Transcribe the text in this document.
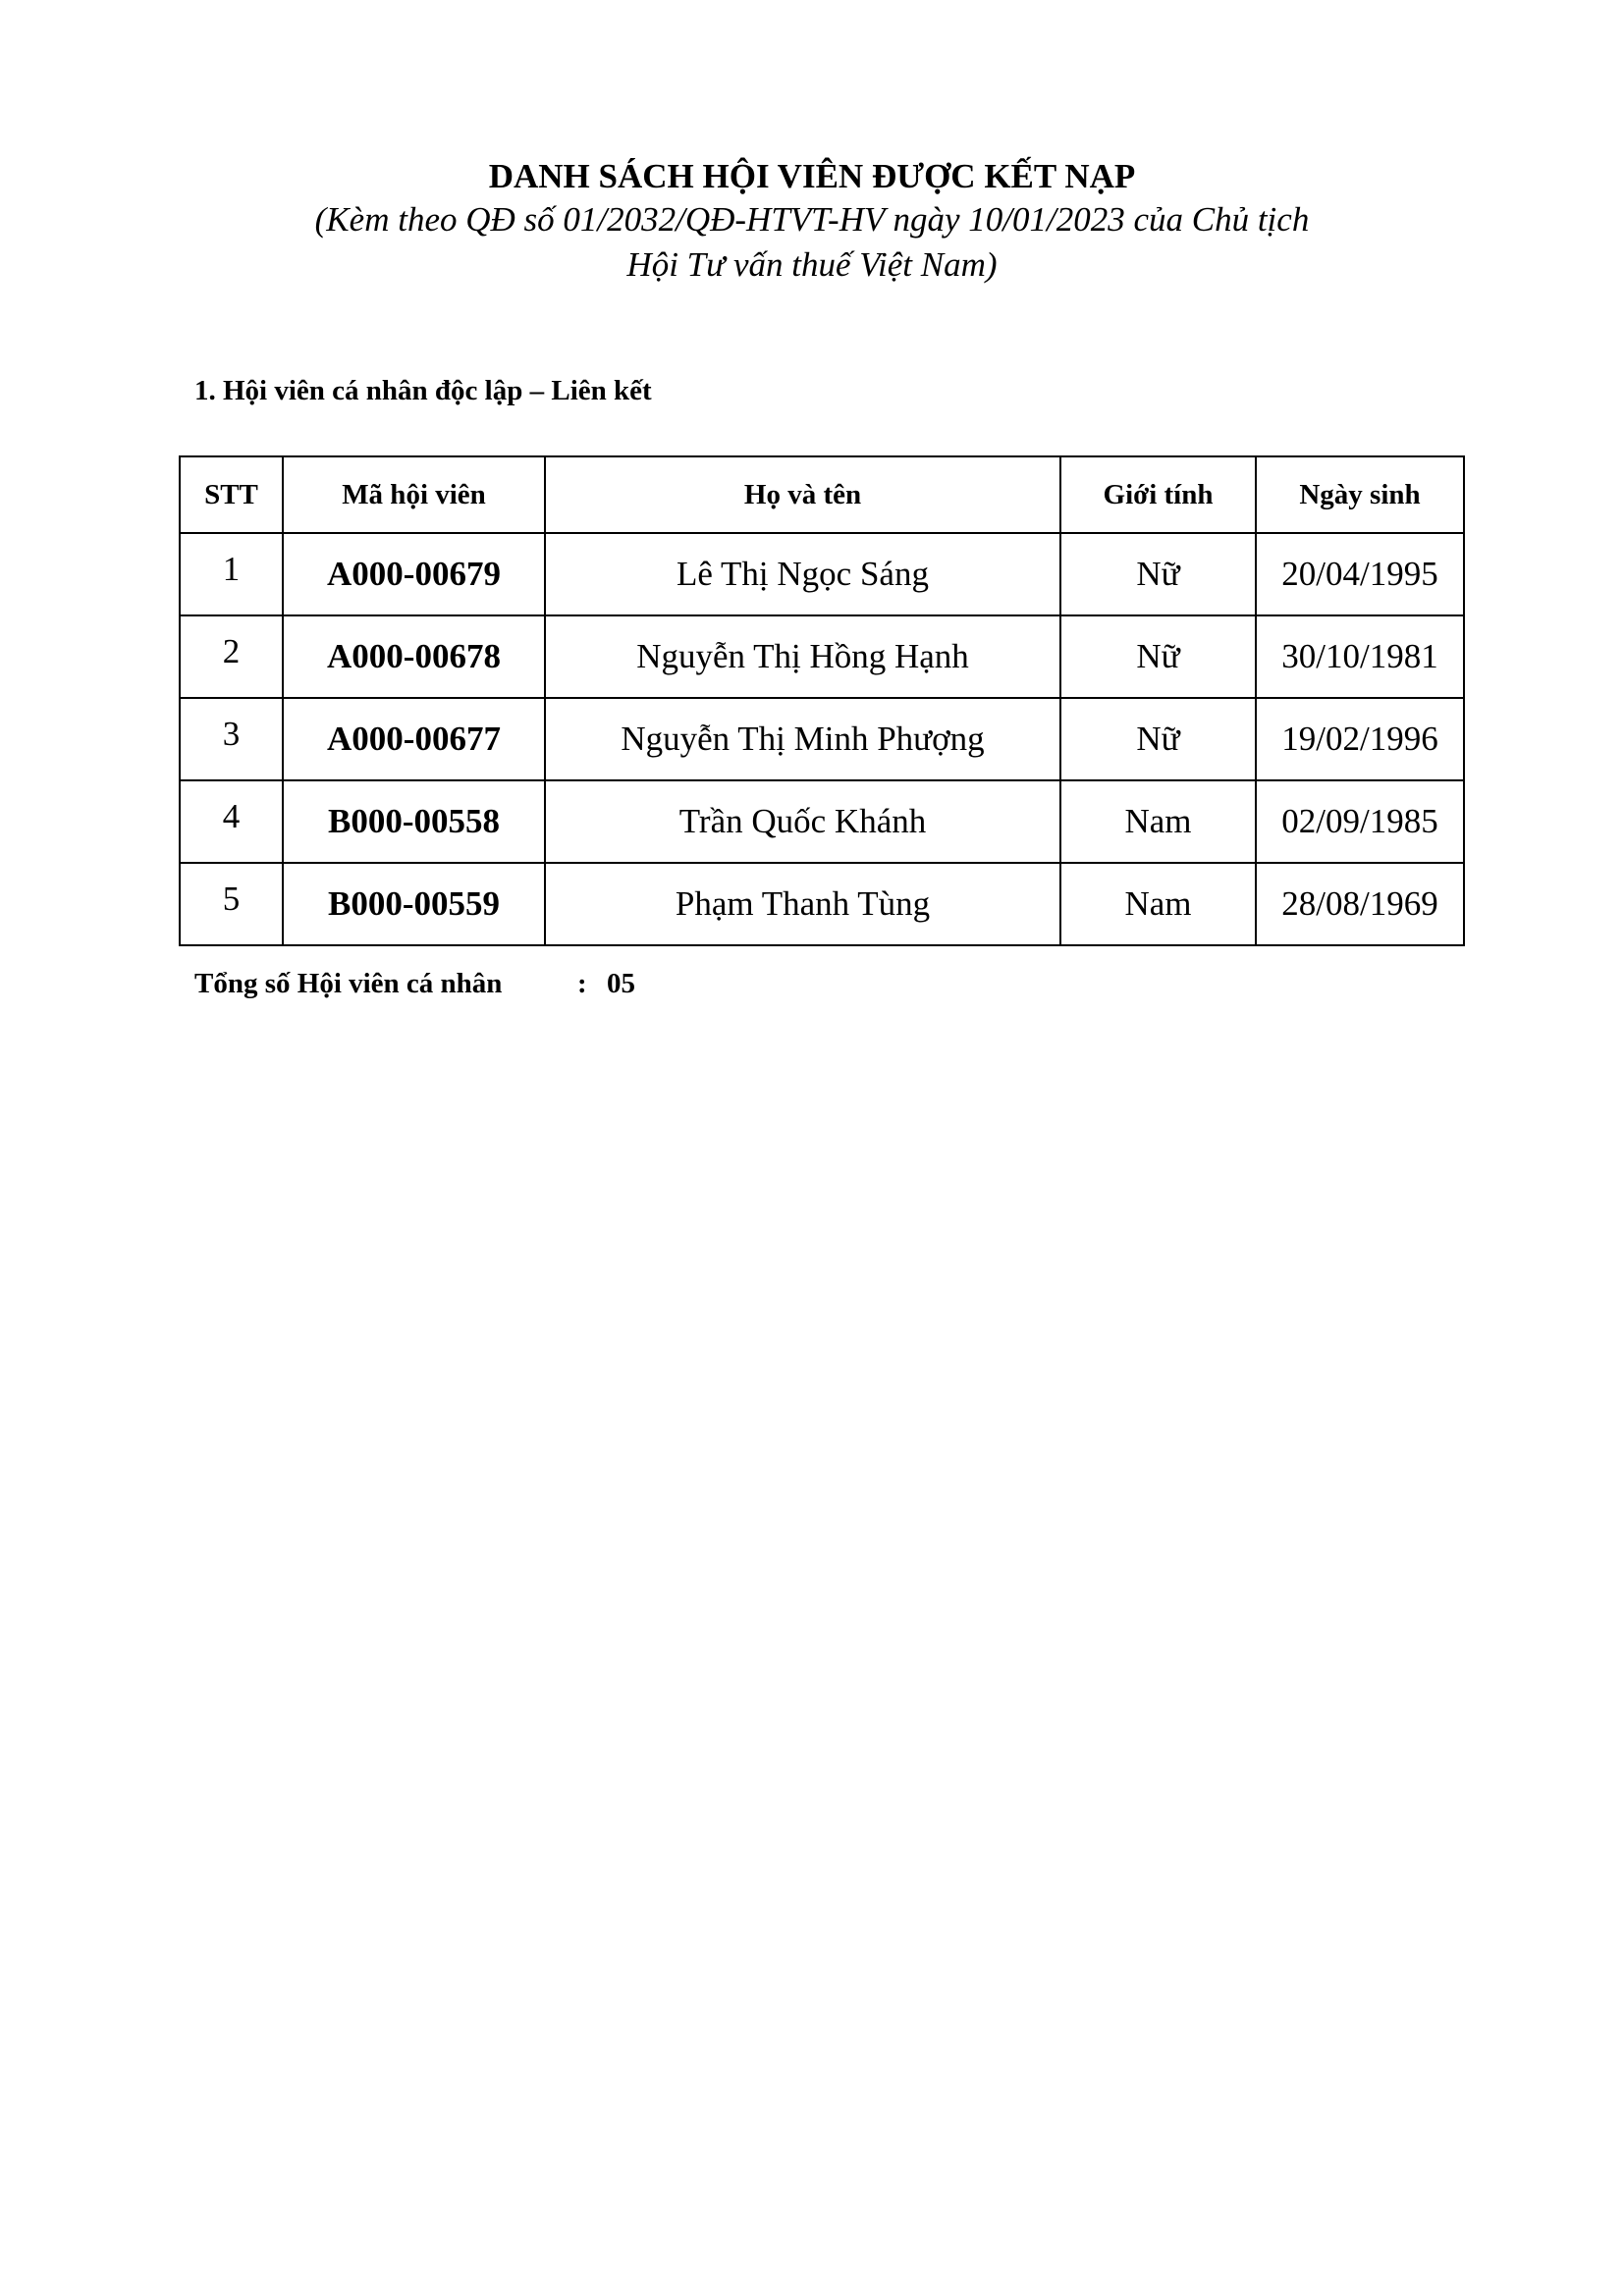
DANH SÁCH HỘI VIÊN ĐƯỢC KẾT NẠP
(Kèm theo QĐ số 01/2032/QĐ-HTVT-HV ngày 10/01/2023 của Chủ tịch
Hội Tư vấn thuế Việt Nam)
1. Hội viên cá nhân độc lập – Liên kết
STT	Mã hội viên	Họ và tên	Giới tính	Ngày sinh
1	A000-00679	Lê Thị Ngọc Sáng	Nữ	20/04/1995
2	A000-00678	Nguyễn Thị Hồng Hạnh	Nữ	30/10/1981
3	A000-00677	Nguyễn Thị Minh Phượng	Nữ	19/02/1996
4	B000-00558	Trần Quốc Khánh	Nam	02/09/1985
5	B000-00559	Phạm Thanh Tùng	Nam	28/08/1969
Tổng số Hội viên cá nhân	: 05
